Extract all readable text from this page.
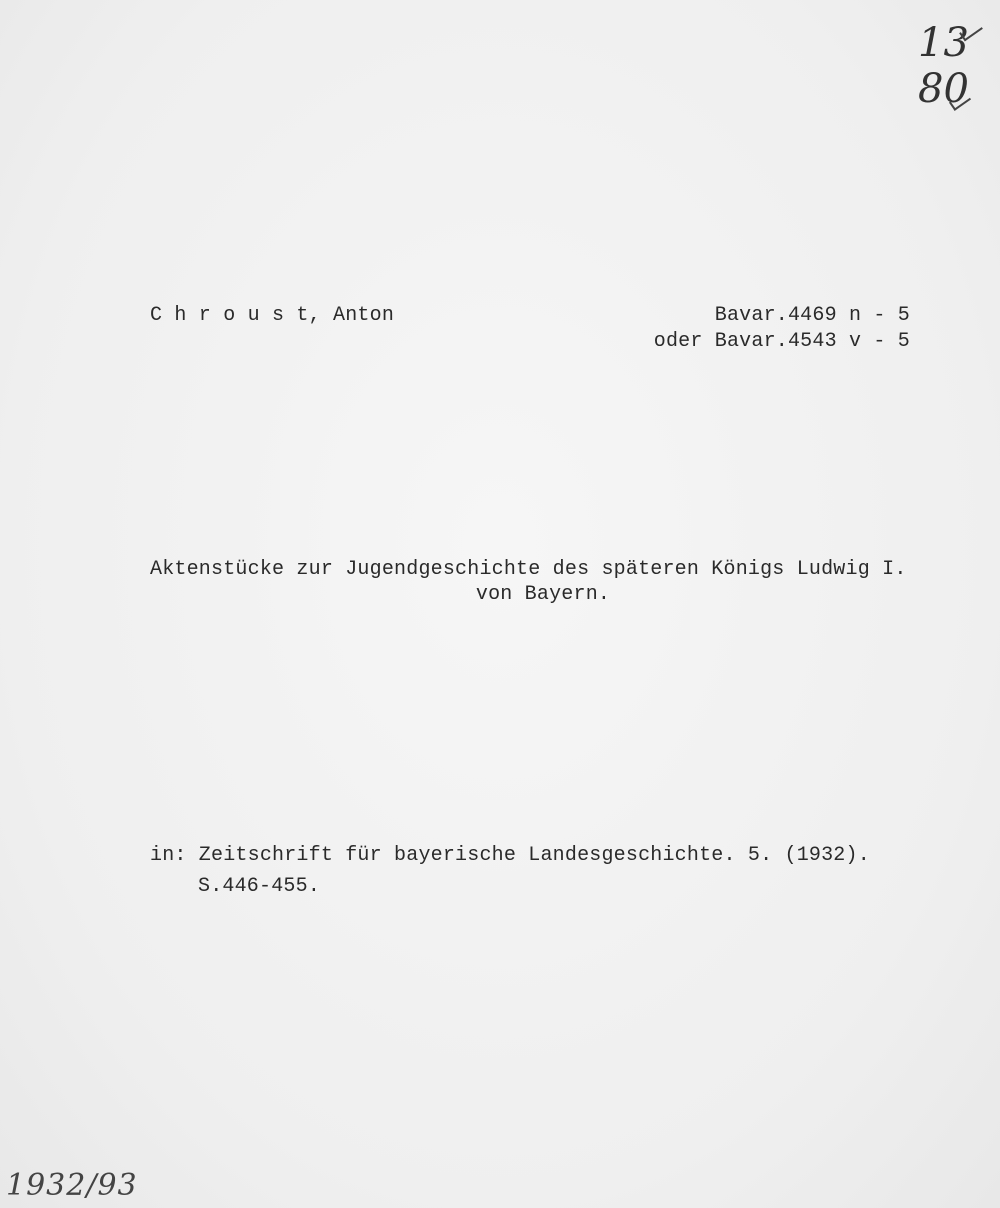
C h r o u s t, Anton	Bavar.4469 n - 5
oder Bavar.4543 v - 5
Aktenstücke zur Jugendgeschichte des späteren Königs Ludwig I.
von Bayern.
in: Zeitschrift für bayerische Landesgeschichte. 5. (1932).
S.446-455.
13
80
1932/93
